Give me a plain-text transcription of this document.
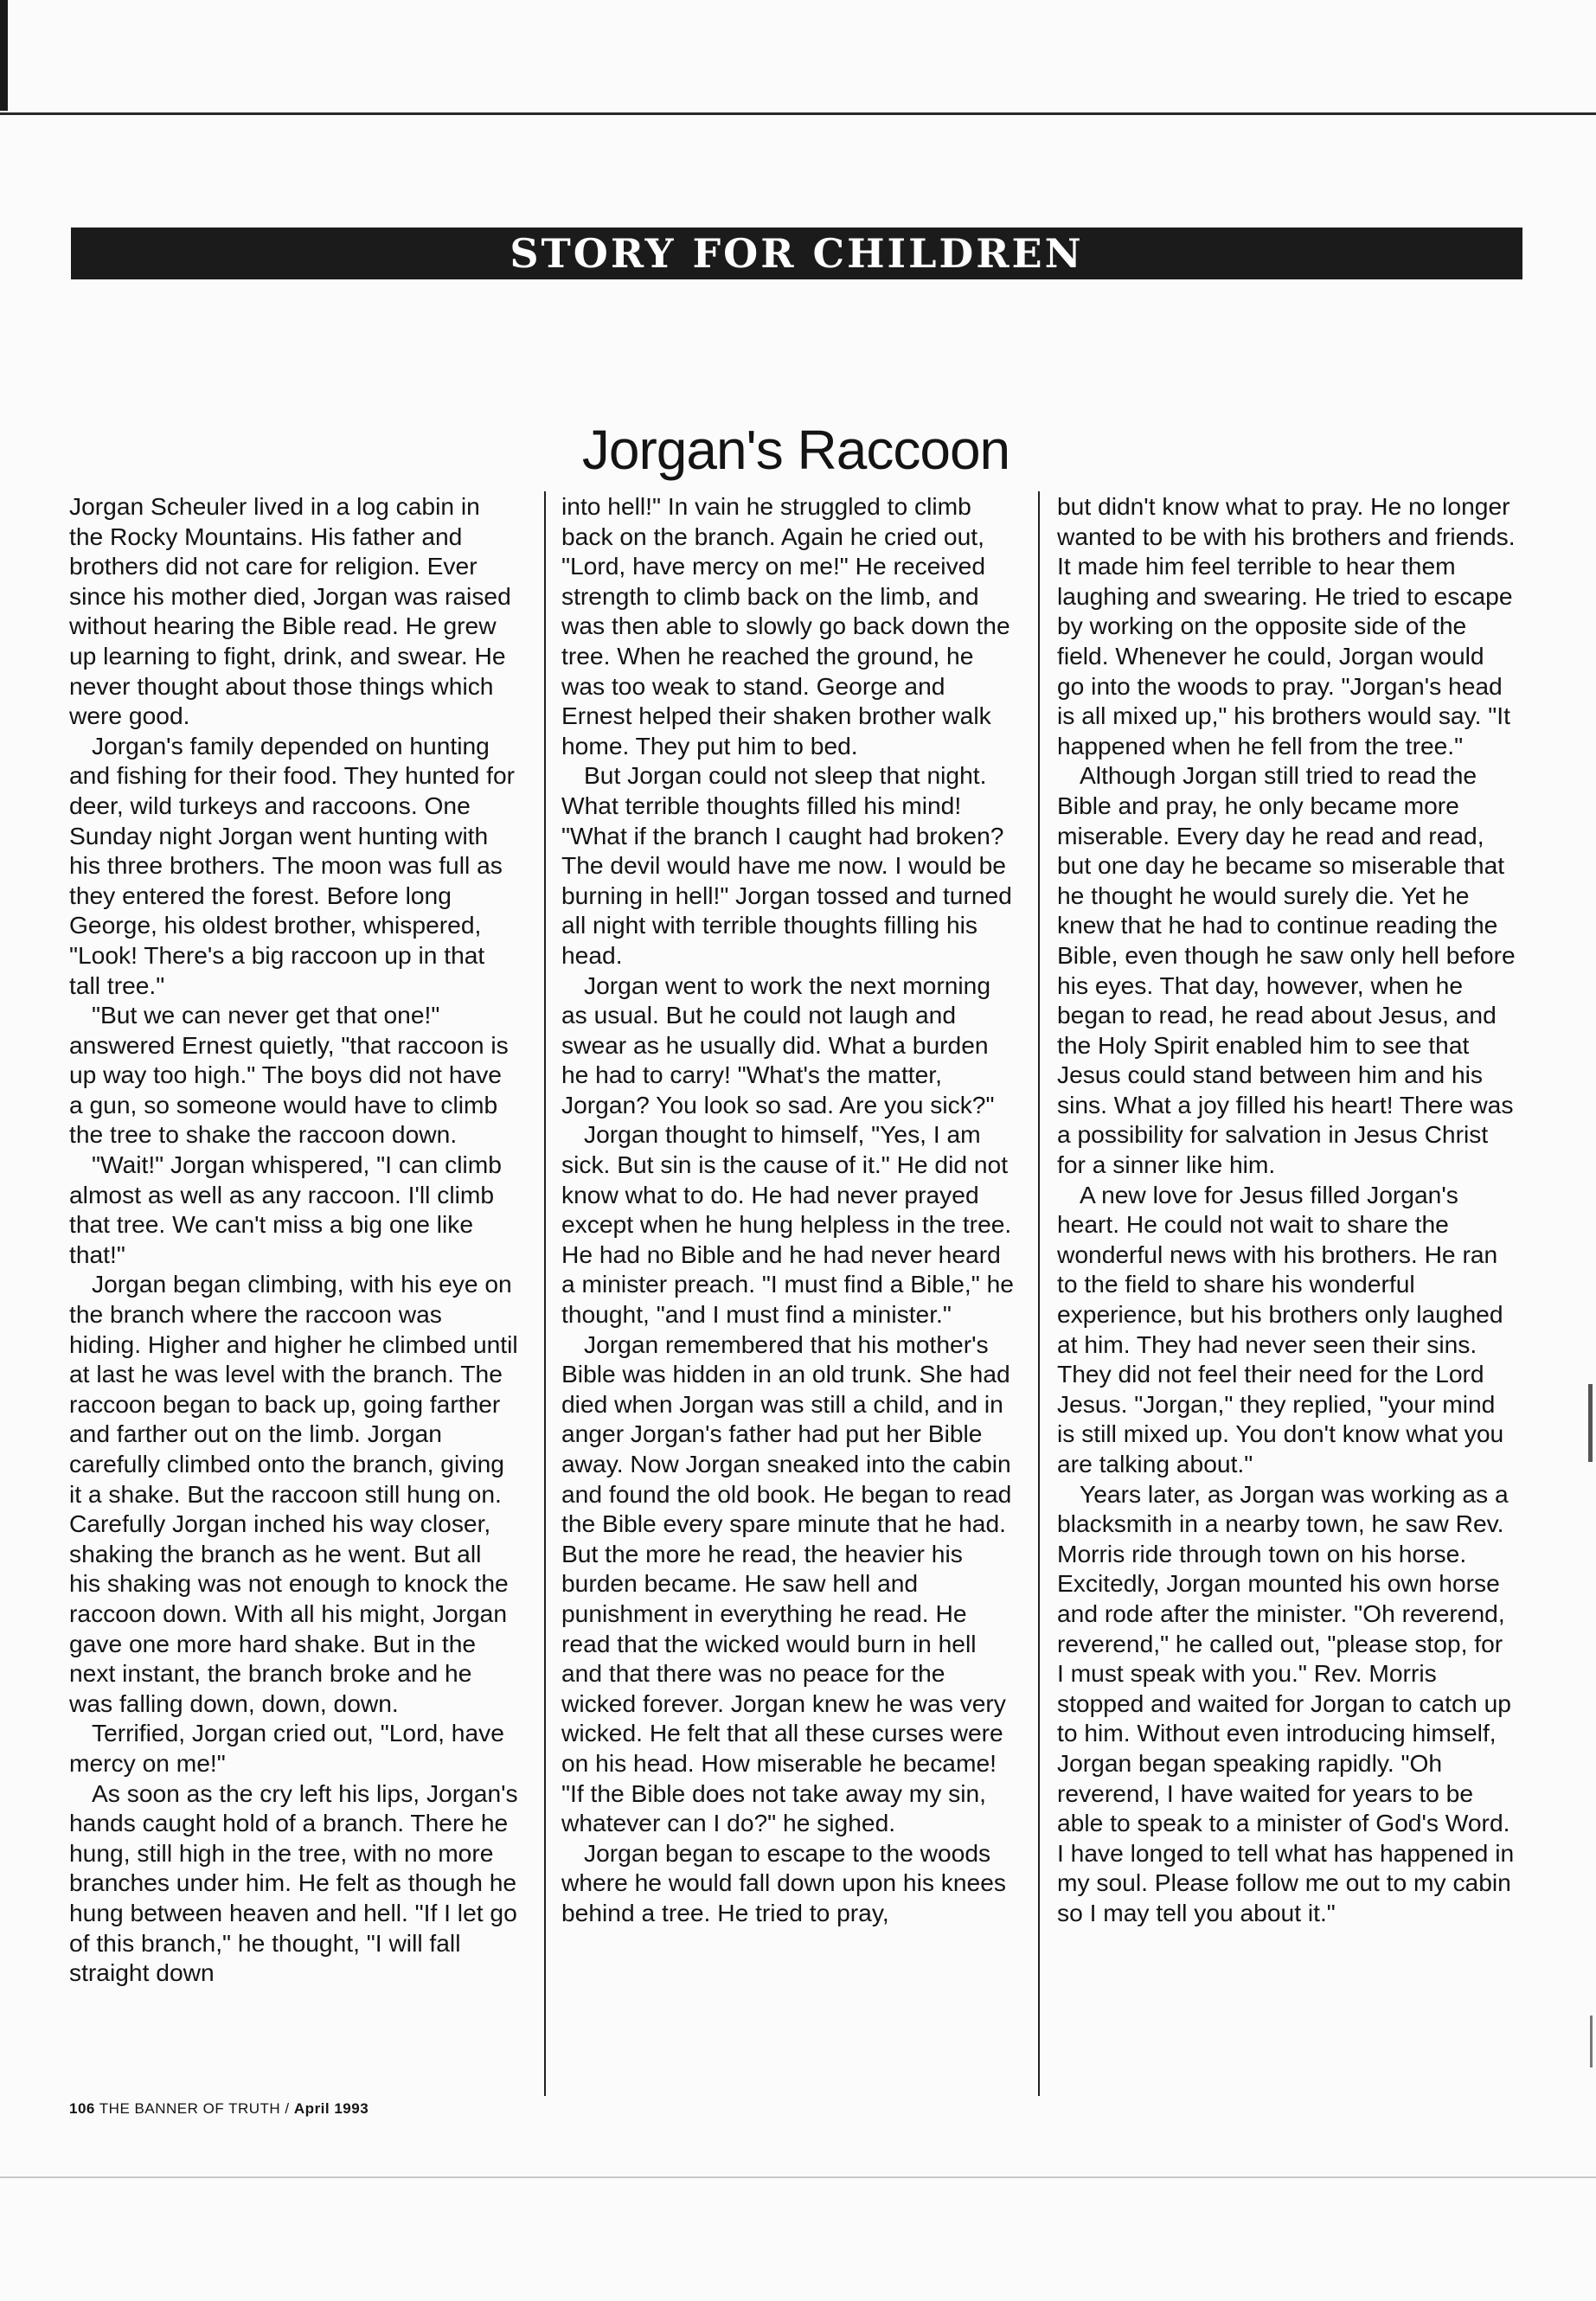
STORY FOR CHILDREN
Jorgan's Raccoon

Jorgan Scheuler lived in a log cabin in the Rocky Mountains. His father and brothers did not care for religion. Ever since his mother died, Jorgan was raised without hearing the Bible read. He grew up learning to fight, drink, and swear. He never thought about those things which were good.

Jorgan's family depended on hunting and fishing for their food. They hunted for deer, wild turkeys and raccoons. One Sunday night Jorgan went hunting with his three brothers. The moon was full as they entered the forest. Before long George, his oldest brother, whispered, "Look! There's a big raccoon up in that tall tree."

"But we can never get that one!" answered Ernest quietly, "that raccoon is up way too high." The boys did not have a gun, so someone would have to climb the tree to shake the raccoon down.

"Wait!" Jorgan whispered, "I can climb almost as well as any raccoon. I'll climb that tree. We can't miss a big one like that!"

Jorgan began climbing, with his eye on the branch where the raccoon was hiding. Higher and higher he climbed until at last he was level with the branch. The raccoon began to back up, going farther and farther out on the limb. Jorgan carefully climbed onto the branch, giving it a shake. But the raccoon still hung on. Carefully Jorgan inched his way closer, shaking the branch as he went. But all his shaking was not enough to knock the raccoon down. With all his might, Jorgan gave one more hard shake. But in the next instant, the branch broke and he was falling down, down, down.

Terrified, Jorgan cried out, "Lord, have mercy on me!"

As soon as the cry left his lips, Jorgan's hands caught hold of a branch. There he hung, still high in the tree, with no more branches under him. He felt as though he hung between heaven and hell. "If I let go of this branch," he thought, "I will fall straight down

into hell!" In vain he struggled to climb back on the branch. Again he cried out, "Lord, have mercy on me!" He received strength to climb back on the limb, and was then able to slowly go back down the tree. When he reached the ground, he was too weak to stand. George and Ernest helped their shaken brother walk home. They put him to bed.

But Jorgan could not sleep that night. What terrible thoughts filled his mind! "What if the branch I caught had broken? The devil would have me now. I would be burning in hell!" Jorgan tossed and turned all night with terrible thoughts filling his head.

Jorgan went to work the next morning as usual. But he could not laugh and swear as he usually did. What a burden he had to carry! "What's the matter, Jorgan? You look so sad. Are you sick?"

Jorgan thought to himself, "Yes, I am sick. But sin is the cause of it." He did not know what to do. He had never prayed except when he hung helpless in the tree. He had no Bible and he had never heard a minister preach. "I must find a Bible," he thought, "and I must find a minister."

Jorgan remembered that his mother's Bible was hidden in an old trunk. She had died when Jorgan was still a child, and in anger Jorgan's father had put her Bible away. Now Jorgan sneaked into the cabin and found the old book. He began to read the Bible every spare minute that he had. But the more he read, the heavier his burden became. He saw hell and punishment in everything he read. He read that the wicked would burn in hell and that there was no peace for the wicked forever. Jorgan knew he was very wicked. He felt that all these curses were on his head. How miserable he became! "If the Bible does not take away my sin, whatever can I do?" he sighed.

Jorgan began to escape to the woods where he would fall down upon his knees behind a tree. He tried to pray,

but didn't know what to pray. He no longer wanted to be with his brothers and friends. It made him feel terrible to hear them laughing and swearing. He tried to escape by working on the opposite side of the field. Whenever he could, Jorgan would go into the woods to pray. "Jorgan's head is all mixed up," his brothers would say. "It happened when he fell from the tree."

Although Jorgan still tried to read the Bible and pray, he only became more miserable. Every day he read and read, but one day he became so miserable that he thought he would surely die. Yet he knew that he had to continue reading the Bible, even though he saw only hell before his eyes. That day, however, when he began to read, he read about Jesus, and the Holy Spirit enabled him to see that Jesus could stand between him and his sins. What a joy filled his heart! There was a possibility for salvation in Jesus Christ for a sinner like him.

A new love for Jesus filled Jorgan's heart. He could not wait to share the wonderful news with his brothers. He ran to the field to share his wonderful experience, but his brothers only laughed at him. They had never seen their sins. They did not feel their need for the Lord Jesus. "Jorgan," they replied, "your mind is still mixed up. You don't know what you are talking about."

Years later, as Jorgan was working as a blacksmith in a nearby town, he saw Rev. Morris ride through town on his horse. Excitedly, Jorgan mounted his own horse and rode after the minister. "Oh reverend, reverend," he called out, "please stop, for I must speak with you." Rev. Morris stopped and waited for Jorgan to catch up to him. Without even introducing himself, Jorgan began speaking rapidly. "Oh reverend, I have waited for years to be able to speak to a minister of God's Word. I have longed to tell what has happened in my soul. Please follow me out to my cabin so I may tell you about it."

106 THE BANNER OF TRUTH / April 1993
